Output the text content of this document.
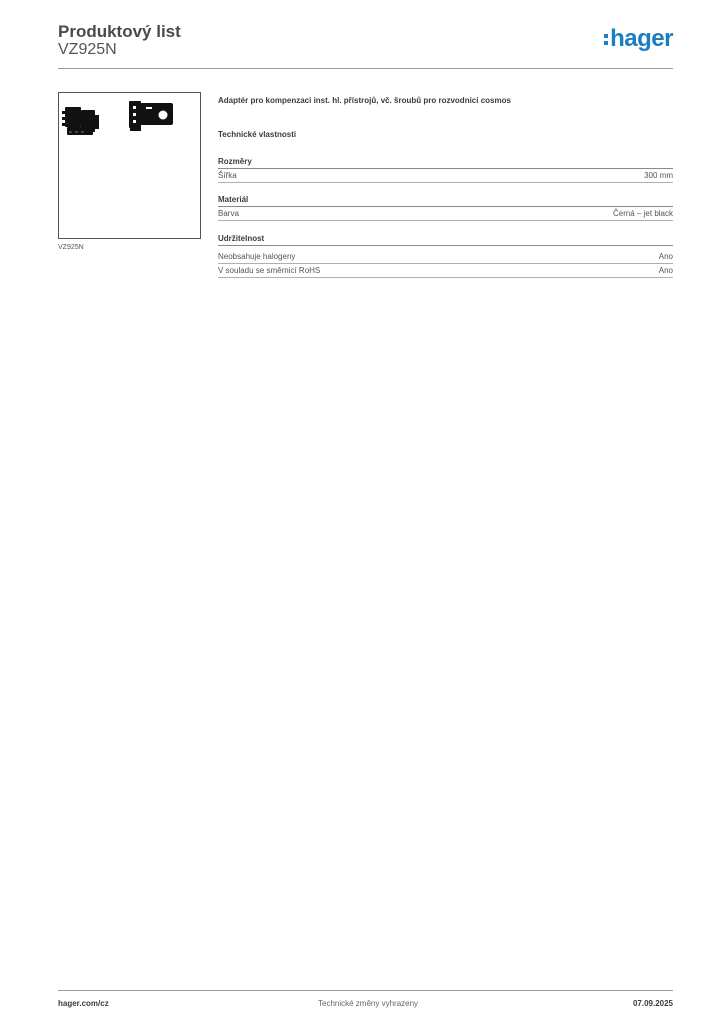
Produktový list
VZ925N	hager
VZ925N
Adaptér pro kompenzaci inst. hl. přístrojů, vč. šroubů pro rozvodnici cosmos
Technické vlastnosti
Rozměry
Šířka	300 mm
Materiál
Barva	Černá – jet black
Udržitelnost
Neobsahuje halogeny	Ano
V souladu se směrnicí RoHS	Ano
hager.com/cz	Technické změny vyhrazeny	07.09.2025
